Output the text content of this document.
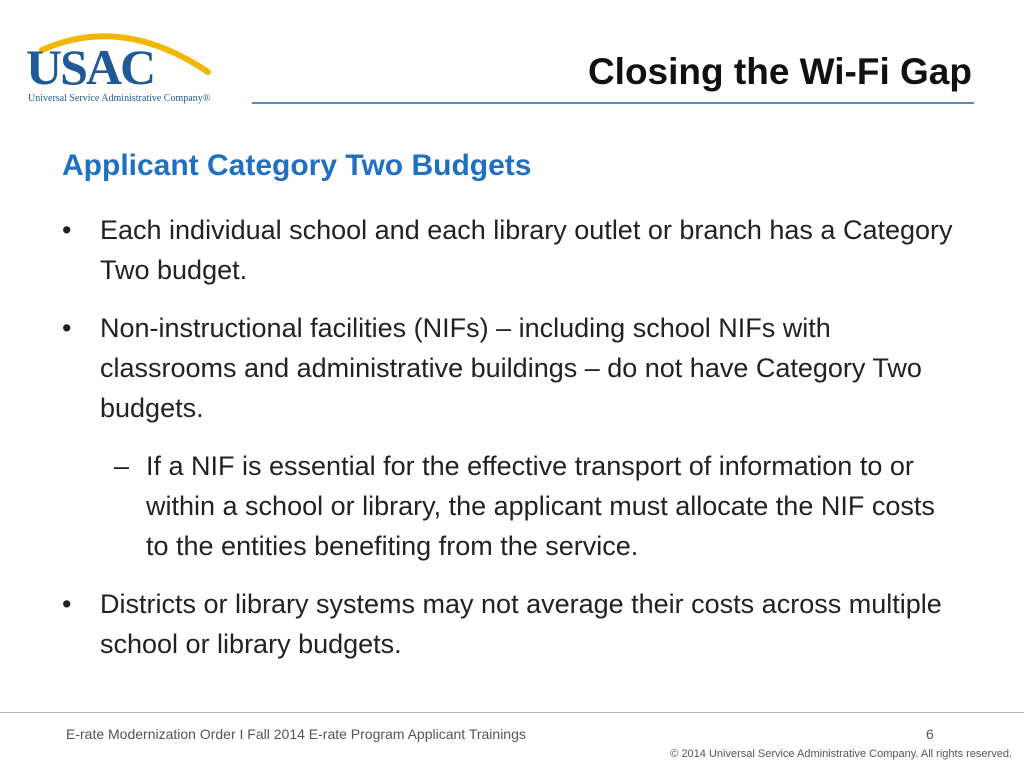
USAC
Universal Service Administrative Company®
Closing the Wi-Fi Gap
Applicant Category Two Budgets
•	Each individual school and each library outlet or branch has a Category Two budget.
•	Non-instructional facilities (NIFs) – including school NIFs with classrooms and administrative buildings – do not have Category Two budgets.
– If a NIF is essential for the effective transport of information to or within a school or library, the applicant must allocate the NIF costs to the entities benefiting from the service.
•	Districts or library systems may not average their costs across multiple school or library budgets.
E-rate Modernization Order I Fall 2014 E-rate Program Applicant Trainings	6
© 2014 Universal Service Administrative Company. All rights reserved.
